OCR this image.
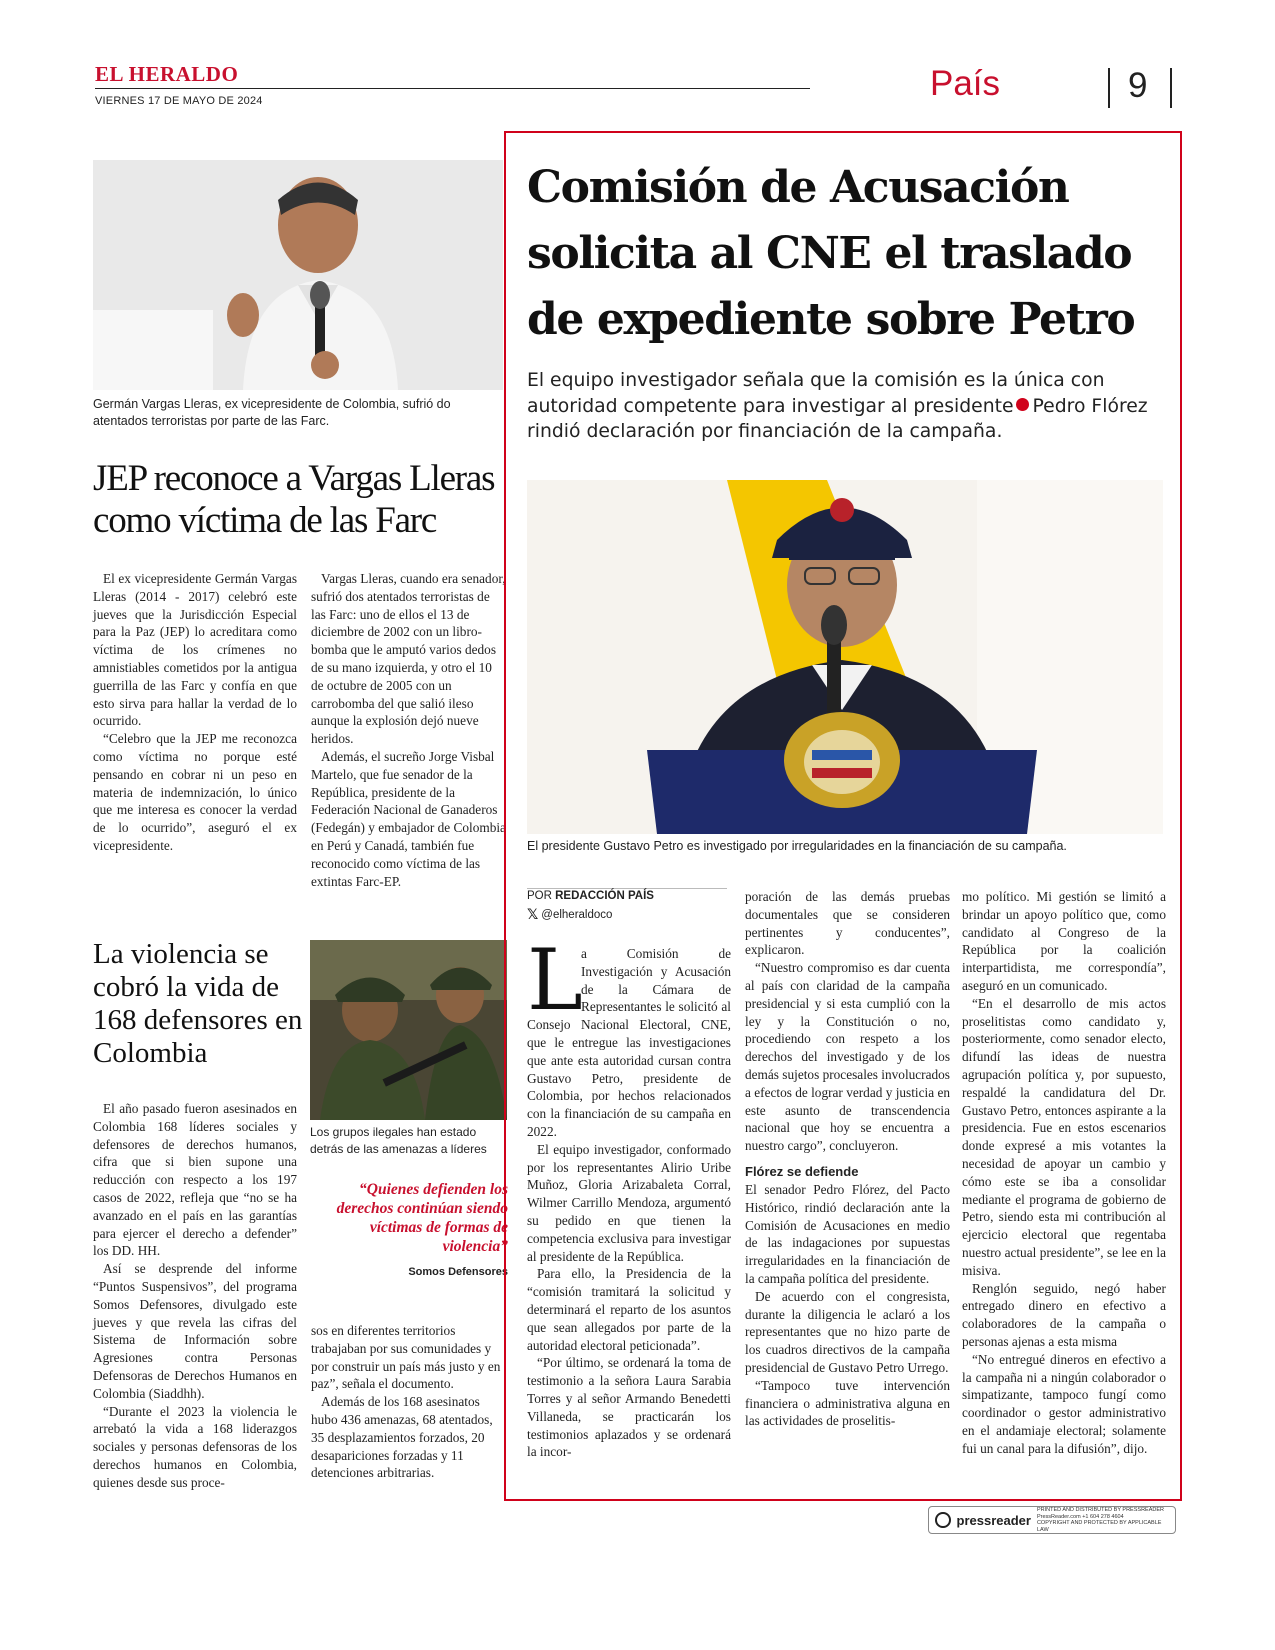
EL HERALDO
VIERNES 17 DE MAYO DE 2024	País	9
Germán Vargas Lleras, ex vicepresidente de Colombia, sufrió do atentados terroristas por parte de las Farc.
JEP reconoce a Vargas Lleras
como víctima de las Farc

El ex vicepresidente Germán Vargas Lleras (2014 - 2017) celebró este jueves que la Jurisdicción Especial para la Paz (JEP) lo acreditara como víctima de los crímenes no amnistiables cometidos por la antigua guerrilla de las Farc y confía en que esto sirva para hallar la verdad de lo ocurrido.

“Celebro que la JEP me reconozca como víctima no porque esté pensando en cobrar ni un peso en materia de indemnización, lo único que me interesa es conocer la verdad de lo ocurrido”, aseguró el ex vicepresidente.

Vargas Lleras, cuando era senador, sufrió dos atentados terroristas de las Farc: uno de ellos el 13 de diciembre de 2002 con un libro-bomba que le amputó varios dedos de su mano izquierda, y otro el 10 de octubre de 2005 con un carrobomba del que salió ileso aunque la explosión dejó nueve heridos.

Además, el sucreño Jorge Visbal Martelo, que fue senador de la República, presidente de la Federación Nacional de Ganaderos (Fedegán) y embajador de Colombia en Perú y Canadá, también fue reconocido como víctima de las extintas Farc-EP.

La violencia se cobró la vida de 168 defensores en Colombia
Los grupos ilegales han estado detrás de las amenazas a líderes
“Quienes defienden los derechos continúan siendo víctimas de formas de violencia”
Somos Defensores

El año pasado fueron asesinados en Colombia 168 líderes sociales y defensores de derechos humanos, cifra que si bien supone una reducción con respecto a los 197 casos de 2022, refleja que “no se ha avanzado en el país en las garantías para ejercer el derecho a defender” los DD. HH.

Así se desprende del informe “Puntos Suspensivos”, del programa Somos Defensores, divulgado este jueves y que revela las cifras del Sistema de Información sobre Agresiones contra Personas Defensoras de Derechos Humanos en Colombia (Siaddhh).

“Durante el 2023 la violencia le arrebató la vida a 168 liderazgos sociales y personas defensoras de los derechos humanos en Colombia, quienes desde sus proce-

sos en diferentes territorios trabajaban por sus comunidades y por construir un país más justo y en paz”, señala el documento.

Además de los 168 asesinatos hubo 436 amenazas, 68 atentados, 35 desplazamientos forzados, 20 desapariciones forzadas y 11 detenciones arbitrarias.

Comisión de Acusación
solicita al CNE el traslado
de expediente sobre Petro
El equipo investigador señala que la comisión es la única con autoridad competente para investigar al presidente Pedro Flórez rindió declaración por financiación de la campaña.
El presidente Gustavo Petro es investigado por irregularidades en la financiación de su campaña.
POR REDACCIÓN PAÍS
𝕏 @elheraldoco
L

a Comisión de Investigación y Acusación de la Cámara de Representantes le solicitó al Consejo Nacional Electoral, CNE, que le entregue las investigaciones que ante esta autoridad cursan contra Gustavo Petro, presidente de Colombia, por hechos relacionados con la financiación de su campaña en 2022.

El equipo investigador, conformado por los representantes Alirio Uribe Muñoz, Gloria Arizabaleta Corral, Wilmer Carrillo Mendoza, argumentó su pedido en que tienen la competencia exclusiva para investigar al presidente de la República.

Para ello, la Presidencia de la “comisión tramitará la solicitud y determinará el reparto de los asuntos que sean allegados por parte de la autoridad electoral peticionada”.

“Por último, se ordenará la toma de testimonio a la señora Laura Sarabia Torres y al señor Armando Benedetti Villaneda, se practicarán los testimonios aplazados y se ordenará la incor-

poración de las demás pruebas documentales que se consideren pertinentes y conducentes”, explicaron.

“Nuestro compromiso es dar cuenta al país con claridad de la campaña presidencial y si esta cumplió con la ley y la Constitución o no, procediendo con respeto a los derechos del investigado y de los demás sujetos procesales involucrados a efectos de lograr verdad y justicia en este asunto de transcendencia nacional que hoy se encuentra a nuestro cargo”, concluyeron.

Flórez se defiende

El senador Pedro Flórez, del Pacto Histórico, rindió declaración ante la Comisión de Acusaciones en medio de las indagaciones por supuestas irregularidades en la financiación de la campaña política del presidente.

De acuerdo con el congresista, durante la diligencia le aclaró a los representantes que no hizo parte de los cuadros directivos de la campaña presidencial de Gustavo Petro Urrego.

“Tampoco tuve intervención financiera o administrativa alguna en las actividades de proselitis-

mo político. Mi gestión se limitó a brindar un apoyo político que, como candidato al Congreso de la República por la coalición interpartidista, me correspondía”, aseguró en un comunicado.

“En el desarrollo de mis actos proselitistas como candidato y, posteriormente, como senador electo, difundí las ideas de nuestra agrupación política y, por supuesto, respaldé la candidatura del Dr. Gustavo Petro, entonces aspirante a la presidencia. Fue en estos escenarios donde expresé a mis votantes la necesidad de apoyar un cambio y cómo este se iba a consolidar mediante el programa de gobierno de Petro, siendo esta mi contribución al ejercicio electoral que regentaba nuestro actual presidente”, se lee en la misiva.

Renglón seguido, negó haber entregado dinero en efectivo a colaboradores de la campaña o personas ajenas a esta misma

“No entregué dineros en efectivo a la campaña ni a ningún colaborador o simpatizante, tampoco fungí como coordinador o gestor administrativo en el andamiaje electoral; solamente fui un canal para la difusión”, dijo.

pressreader
PRINTED AND DISTRIBUTED BY PRESSREADER
PressReader.com +1 604 278 4604
COPYRIGHT AND PROTECTED BY APPLICABLE LAW
